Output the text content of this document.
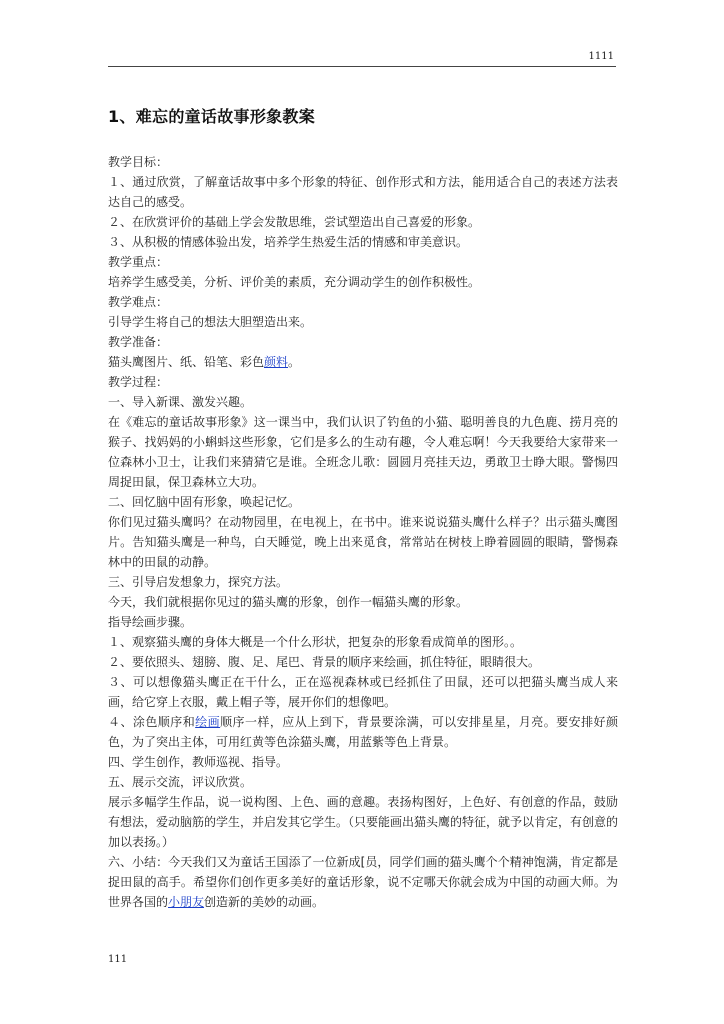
1111
1、难忘的童话故事形象教案

教学目标：

１、通过欣赏，了解童话故事中多个形象的特征、创作形式和方法，能用适合自己的表述方法表达自己的感受。

２、在欣赏评价的基础上学会发散思维，尝试塑造出自己喜爱的形象。

３、从积极的情感体验出发，培养学生热爱生活的情感和审美意识。

教学重点：

培养学生感受美，分析、评价美的素质，充分调动学生的创作积极性。

教学难点：

引导学生将自己的想法大胆塑造出来。

教学准备：

猫头鹰图片、纸、铅笔、彩色颜料。

教学过程：

一、导入新课、激发兴趣。

在《难忘的童话故事形象》这一课当中，我们认识了钓鱼的小猫、聪明善良的九色鹿、捞月亮的猴子、找妈妈的小蝌蚪这些形象，它们是多么的生动有趣，令人难忘啊！今天我要给大家带来一位森林小卫士，让我们来猜猜它是谁。全班念儿歌：圆圆月亮挂天边，勇敢卫士睁大眼。警惕四周捉田鼠，保卫森林立大功。

二、回忆脑中固有形象，唤起记忆。

你们见过猫头鹰吗？在动物园里，在电视上，在书中。谁来说说猫头鹰什么样子？出示猫头鹰图片。告知猫头鹰是一种鸟，白天睡觉，晚上出来觅食，常常站在树枝上睁着圆圆的眼睛，警惕森林中的田鼠的动静。

三、引导启发想象力，探究方法。

今天，我们就根据你见过的猫头鹰的形象，创作一幅猫头鹰的形象。

指导绘画步骤。

１、观察猫头鹰的身体大概是一个什么形状，把复杂的形象看成简单的图形。。

２、要依照头、翅膀、腹、足、尾巴、背景的顺序来绘画，抓住特征，眼睛很大。

３、可以想像猫头鹰正在干什么，正在巡视森林或已经抓住了田鼠，还可以把猫头鹰当成人来画，给它穿上衣服，戴上帽子等，展开你们的想像吧。

４、涂色顺序和绘画顺序一样，应从上到下，背景要涂满，可以安排星星，月亮。要安排好颜色，为了突出主体，可用红黄等色涂猫头鹰，用蓝紫等色上背景。

四、学生创作，教师巡视、指导。

五、展示交流，评议欣赏。

展示多幅学生作品，说一说构图、上色、画的意趣。表扬构图好，上色好、有创意的作品，鼓励有想法，爱动脑筋的学生，并启发其它学生。（只要能画出猫头鹰的特征，就予以肯定，有创意的加以表扬。）

六、小结：今天我们又为童话王国添了一位新成[员，同学们画的猫头鹰个个精神饱满，肯定都是捉田鼠的高手。希望你们创作更多美好的童话形象，说不定哪天你就会成为中国的动画大师。为世界各国的小朋友创造新的美妙的动画。

111
